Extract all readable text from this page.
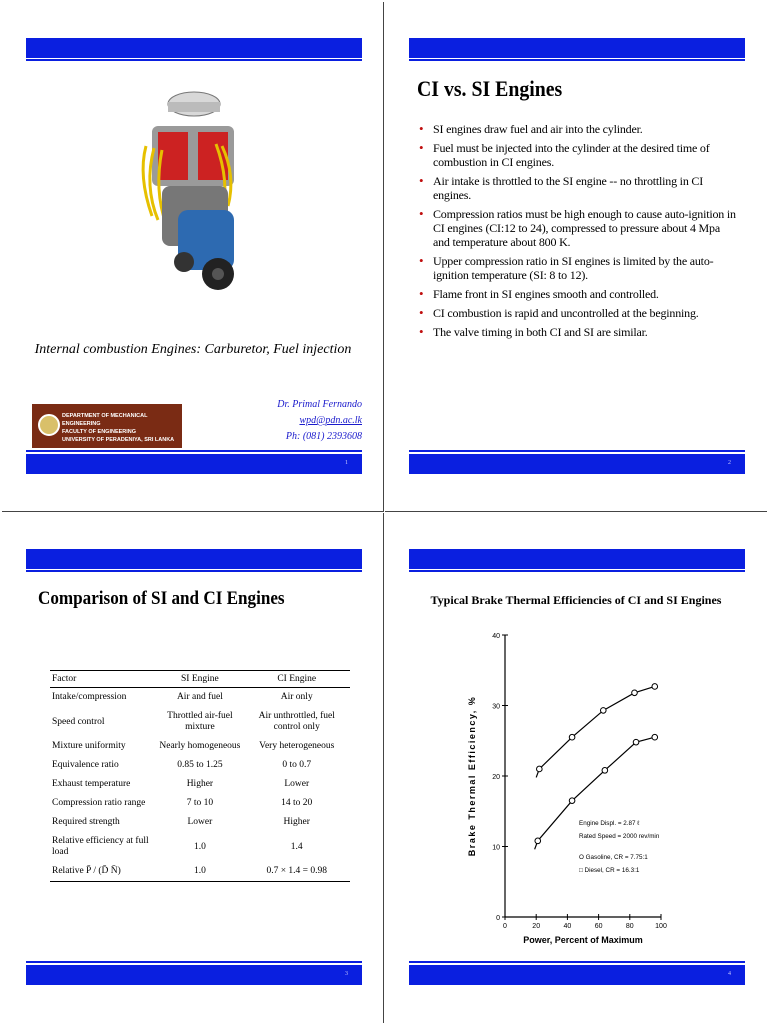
Internal combustion Engines: Carburetor, Fuel injection
DEPARTMENT OF MECHANICAL ENGINEERING
FACULTY OF ENGINEERING
UNIVERSITY OF PERADENIYA, SRI LANKA
Dr. Primal Fernando
wpd@pdn.ac.lk
Ph: (081) 2393608
1
CI vs. SI Engines
• SI engines draw fuel and air into the cylinder.
• Fuel must be injected into the cylinder at the desired time of combustion in CI engines.
• Air intake is throttled to the SI engine -- no throttling in CI engines.
• Compression ratios must be high enough to cause auto-ignition in CI engines (CI:12 to 24), compressed to pressure about 4 Mpa and temperature about 800 K.
• Upper compression ratio in SI engines is limited by the auto-ignition temperature (SI: 8 to 12).
• Flame front in SI engines smooth and controlled.
• CI combustion is rapid and uncontrolled at the beginning.
• The valve timing in both CI and SI are similar.
2
Comparison of SI and CI Engines
Factor	SI Engine	CI Engine
Intake/compression	Air and fuel	Air only
Speed control	Throttled air-fuel mixture	Air unthrottled, fuel control only
Mixture uniformity	Nearly homogeneous	Very heterogeneous
Equivalence ratio	0.85 to 1.25	0 to 0.7
Exhaust temperature	Higher	Lower
Compression ratio range	7 to 10	14 to 20
Required strength	Lower	Higher
Relative efficiency at full load	1.0	1.4
Relative P̄ / (D̄ N̄)	1.0	0.7 × 1.4 = 0.98
3
Typical Brake Thermal Efficiencies of CI and SI Engines
0
10
20
30
40
0	20	40	60	80	100
Power, Percent of Maximum
Brake Thermal Efficiency, %	Engine Displ. = 2.87 ℓ
Rated Speed = 2000 rev/min
O Gasoline, CR = 7.75:1
□ Diesel, CR = 16.3:1
4
